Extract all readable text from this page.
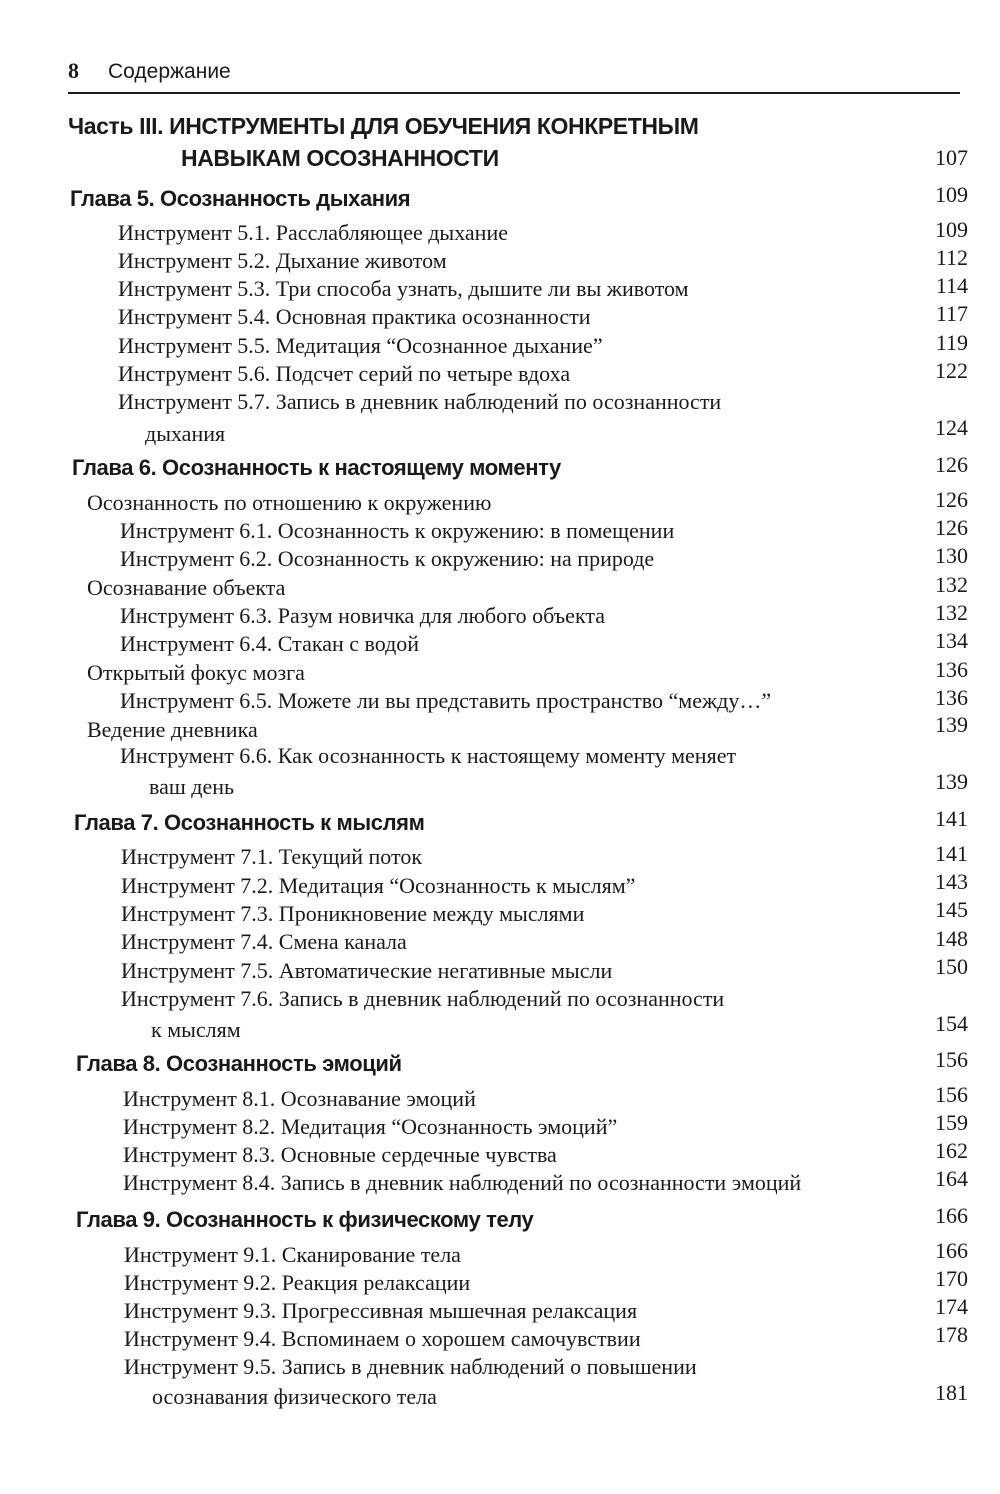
8 Содержание
Часть III. ИНСТРУМЕНТЫ ДЛЯ ОБУЧЕНИЯ КОНКРЕТНЫМ
НАВЫКАМ ОСОЗНАННОСТИ	107
Глава 5. Осознанность дыхания	109
Инструмент 5.1. Расслабляющее дыхание	109
Инструмент 5.2. Дыхание животом	112
Инструмент 5.3. Три способа узнать, дышите ли вы животом	114
Инструмент 5.4. Основная практика осознанности	117
Инструмент 5.5. Медитация “Осознанное дыхание”	119
Инструмент 5.6. Подсчет серий по четыре вдоха	122
Инструмент 5.7. Запись в дневник наблюдений по осознанности
дыхания	124
Глава 6. Осознанность к настоящему моменту	126
Осознанность по отношению к окружению	126
Инструмент 6.1. Осознанность к окружению: в помещении	126
Инструмент 6.2. Осознанность к окружению: на природе	130
Осознавание объекта	132
Инструмент 6.3. Разум новичка для любого объекта	132
Инструмент 6.4. Стакан с водой	134
Открытый фокус мозга	136
Инструмент 6.5. Можете ли вы представить пространство “между…”	136
Ведение дневника	139
Инструмент 6.6. Как осознанность к настоящему моменту меняет
ваш день	139
Глава 7. Осознанность к мыслям	141
Инструмент 7.1. Текущий поток	141
Инструмент 7.2. Медитация “Осознанность к мыслям”	143
Инструмент 7.3. Проникновение между мыслями	145
Инструмент 7.4. Смена канала	148
Инструмент 7.5. Автоматические негативные мысли	150
Инструмент 7.6. Запись в дневник наблюдений по осознанности
к мыслям	154
Глава 8. Осознанность эмоций	156
Инструмент 8.1. Осознавание эмоций	156
Инструмент 8.2. Медитация “Осознанность эмоций”	159
Инструмент 8.3. Основные сердечные чувства	162
Инструмент 8.4. Запись в дневник наблюдений по осознанности эмоций	164
Глава 9. Осознанность к физическому телу	166
Инструмент 9.1. Сканирование тела	166
Инструмент 9.2. Реакция релаксации	170
Инструмент 9.3. Прогрессивная мышечная релаксация	174
Инструмент 9.4. Вспоминаем о хорошем самочувствии	178
Инструмент 9.5. Запись в дневник наблюдений о повышении
осознавания физического тела	181
